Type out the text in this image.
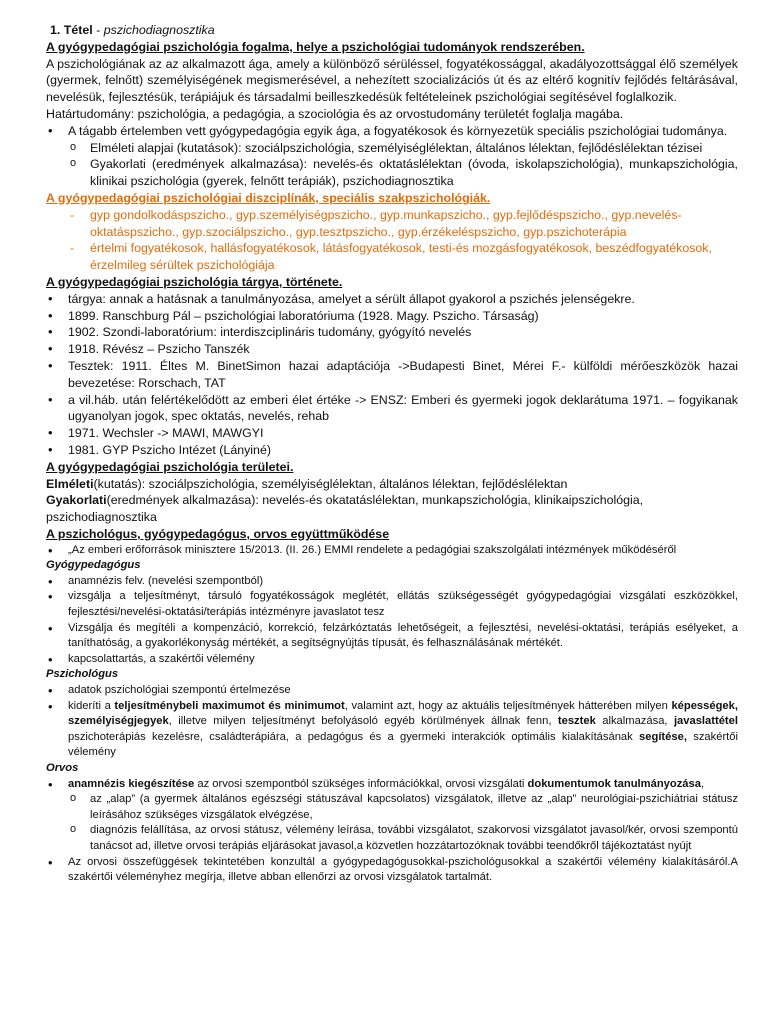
1. Tétel - pszichodiagnosztika
A gyógypedagógiai pszichológia fogalma, helye a pszichológiai tudományok rendszerében.
A pszichológiának az az alkalmazott ága, amely a különböző sérüléssel, fogyatékossággal, akadályozottsággal élő személyek (gyermek, felnőtt) személyiségének megismerésével, a nehezített szocializációs út és az eltérő kognitív fejlődés feltárásával, nevelésük, fejlesztésük, terápiájuk és társadalmi beilleszkedésük feltételeinek pszichológiai segítésével foglalkozik.
Határtudomány: pszichológia, a pedagógia, a szociológia és az orvostudomány területét foglalja magába.
• A tágabb értelemben vett gyógypedagógia egyik ága, a fogyatékosok és környezetük speciális pszichológiai tudománya.
o Elméleti alapjai (kutatások): szociálpszichológia, személyiséglélektan, általános lélektan, fejlődéslélektan tézisei
o Gyakorlati (eredmények alkalmazása): nevelés-és oktatáslélektan (óvoda, iskolapszichológia), munkapszichológia, klinikai pszichológia (gyerek, felnőtt terápiák), pszichodiagnosztika
A gyógypedagógiai pszichológiai diszciplínák, speciális szakpszichológiák.
- gyp gondolkodáspszicho., gyp.személyiségpszicho., gyp.munkapszicho., gyp.fejlődéspszicho., gyp.nevelés-oktatáspszicho., gyp.szociálpszicho., gyp.tesztpszicho., gyp.érzékeléspszicho, gyp.pszichoterápia
- értelmi fogyatékosok, hallásfogyatékosok, látásfogyatékosok, testi-és mozgásfogyatékosok, beszédfogyatékosok, érzelmileg sérültek pszichológiája
A gyógypedagógiai pszichológia tárgya, története.
• tárgya: annak a hatásnak a tanulmányozása, amelyet a sérült állapot gyakorol a pszichés jelenségekre.
• 1899. Ranschburg Pál – pszichológiai laboratóriuma (1928. Magy. Pszicho. Társaság)
• 1902. Szondi-laboratórium: interdiszciplináris tudomány, gyógyító nevelés
• 1918. Révész – Pszicho Tanszék
• Tesztek: 1911. Éltes M. BinetSimon hazai adaptációja ->Budapesti Binet, Mérei F.- külföldi mérőeszközök hazai bevezetése: Rorschach, TAT
• a vil.háb. után felértékelődött az emberi élet értéke -> ENSZ: Emberi és gyermeki jogok deklarátuma 1971. – fogyikanak ugyanolyan jogok, spec oktatás, nevelés, rehab
• 1971. Wechsler -> MAWI, MAWGYI
• 1981. GYP Pszicho Intézet (Lányiné)
A gyógypedagógiai pszichológia területei.
Elméleti(kutatás): szociálpszichológia, személyiséglélektan, általános lélektan, fejlődéslélektan
Gyakorlati(eredmények alkalmazása): nevelés-és okatatáslélektan, munkapszichológia, klinikaipszichológia, pszichodiagnosztika
A pszichológus, gyógypedagógus, orvos együttműködése
• „Az emberi erőforrások minisztere 15/2013. (II. 26.) EMMI rendelete a pedagógiai szakszolgálati intézmények működéséről
Gyógypedagógus
• anamnézis felv. (nevelési szempontból)
• vizsgálja a teljesítményt, társuló fogyatékosságok meglétét, ellátás szükségességét gyógypedagógiai vizsgálati eszközökkel, fejlesztési/nevelési-oktatási/terápiás intézményre javaslatot tesz
• Vizsgálja és megítéli a kompenzáció, korrekció, felzárkóztatás lehetőségeit, a fejlesztési, nevelési-oktatási, terápiás esélyeket, a taníthatóság, a gyakorlékonyság mértékét, a segítségnyújtás típusát, és felhasználásának mértékét.
• kapcsolattartás, a szakértői vélemény
Pszichológus
• adatok pszichológiai szempontú értelmezése
• kideríti a teljesítménybeli maximumot és minimumot, valamint azt, hogy az aktuális teljesítmények hátterében milyen képességek, személyiségjegyek, illetve milyen teljesítményt befolyásoló egyéb körülmények állnak fenn, tesztek alkalmazása, javaslattétel pszichoterápiás kezelésre, családterápiára, a pedagógus és a gyermeki interakciók optimális kialakításának segítése, szakértői vélemény
Orvos
• anamnézis kiegészítése az orvosi szempontból szükséges információkkal, orvosi vizsgálati dokumentumok tanulmányozása,
o az „alap” (a gyermek általános egészségi státuszával kapcsolatos) vizsgálatok, illetve az „alap” neurológiai-pszichiátriai státusz leírásához szükséges vizsgálatok elvégzése,
o diagnózis felállítása, az orvosi státusz, vélemény leírása, további vizsgálatot, szakorvosi vizsgálatot javasol/kér, orvosi szempontú tanácsot ad, illetve orvosi terápiás eljárásokat javasol,a közvetlen hozzátartozóknak további teendőkről tájékoztatást nyújt
• Az orvosi összefüggések tekintetében konzultál a gyógypedagógusokkal-pszichológusokkal a szakértői vélemény kialakításáról.A szakértői véleményhez megírja, illetve abban ellenőrzi az orvosi vizsgálatok tartalmát.
